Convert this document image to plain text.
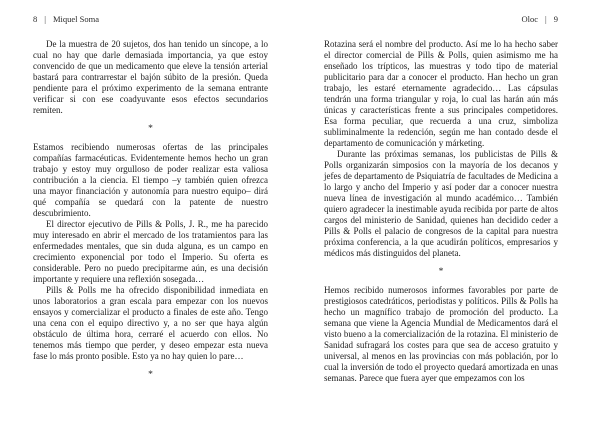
8 | Miquel Soma

De la muestra de 20 sujetos, dos han tenido un síncope, a lo cual no hay que darle demasiada importancia, ya que estoy convencido de que un medicamento que eleve la tensión arterial bastará para contrarrestar el bajón súbito de la presión. Queda pendiente para el próximo experimento de la semana entrante verificar si con ese coadyuvante esos efectos secundarios remiten.

*

Estamos recibiendo numerosas ofertas de las principales compañías farmacéuticas. Evidentemente hemos hecho un gran trabajo y estoy muy orgulloso de poder realizar esta valiosa contribución a la ciencia. El tiempo –y también quien ofrezca una mayor financiación y autonomía para nuestro equipo– dirá qué compañía se quedará con la patente de nuestro descubrimiento.

El director ejecutivo de Pills & Polls, J. R., me ha parecido muy interesado en abrir el mercado de los tratamientos para las enfermedades mentales, que sin duda alguna, es un campo en crecimiento exponencial por todo el Imperio. Su oferta es considerable. Pero no puedo precipitarme aún, es una decisión importante y requiere una reflexión sosegada…

Pills & Polls me ha ofrecido disponibilidad inmediata en unos laboratorios a gran escala para empezar con los nuevos ensayos y comercializar el producto a finales de este año. Tengo una cena con el equipo directivo y, a no ser que haya algún obstáculo de última hora, cerraré el acuerdo con ellos. No tenemos más tiempo que perder, y deseo empezar esta nueva fase lo más pronto posible. Esto ya no hay quien lo pare…

*
Oloc | 9

Rotazina será el nombre del producto. Así me lo ha hecho saber el director comercial de Pills & Polls, quien asimismo me ha enseñado los trípticos, las muestras y todo tipo de material publicitario para dar a conocer el producto. Han hecho un gran trabajo, les estaré eternamente agradecido… Las cápsulas tendrán una forma triangular y roja, lo cual las harán aún más únicas y características frente a sus principales competidores. Esa forma peculiar, que recuerda a una cruz, simboliza subliminalmente la redención, según me han contado desde el departamento de comunicación y márketing.

Durante las próximas semanas, los publicistas de Pills & Polls organizarán simposios con la mayoría de los decanos y jefes de departamento de Psiquiatría de facultades de Medicina a lo largo y ancho del Imperio y así poder dar a conocer nuestra nueva línea de investigación al mundo académico… También quiero agradecer la inestimable ayuda recibida por parte de altos cargos del ministerio de Sanidad, quienes han decidido ceder a Pills & Polls el palacio de congresos de la capital para nuestra próxima conferencia, a la que acudirán políticos, empresarios y médicos más distinguidos del planeta.

*

Hemos recibido numerosos informes favorables por parte de prestigiosos catedráticos, periodistas y políticos. Pills & Polls ha hecho un magnífico trabajo de promoción del producto. La semana que viene la Agencia Mundial de Medicamentos dará el visto bueno a la comercialización de la rotazina. El ministerio de Sanidad sufragará los costes para que sea de acceso gratuito y universal, al menos en las provincias con más población, por lo cual la inversión de todo el proyecto quedará amortizada en unas semanas. Parece que fuera ayer que empezamos con los
